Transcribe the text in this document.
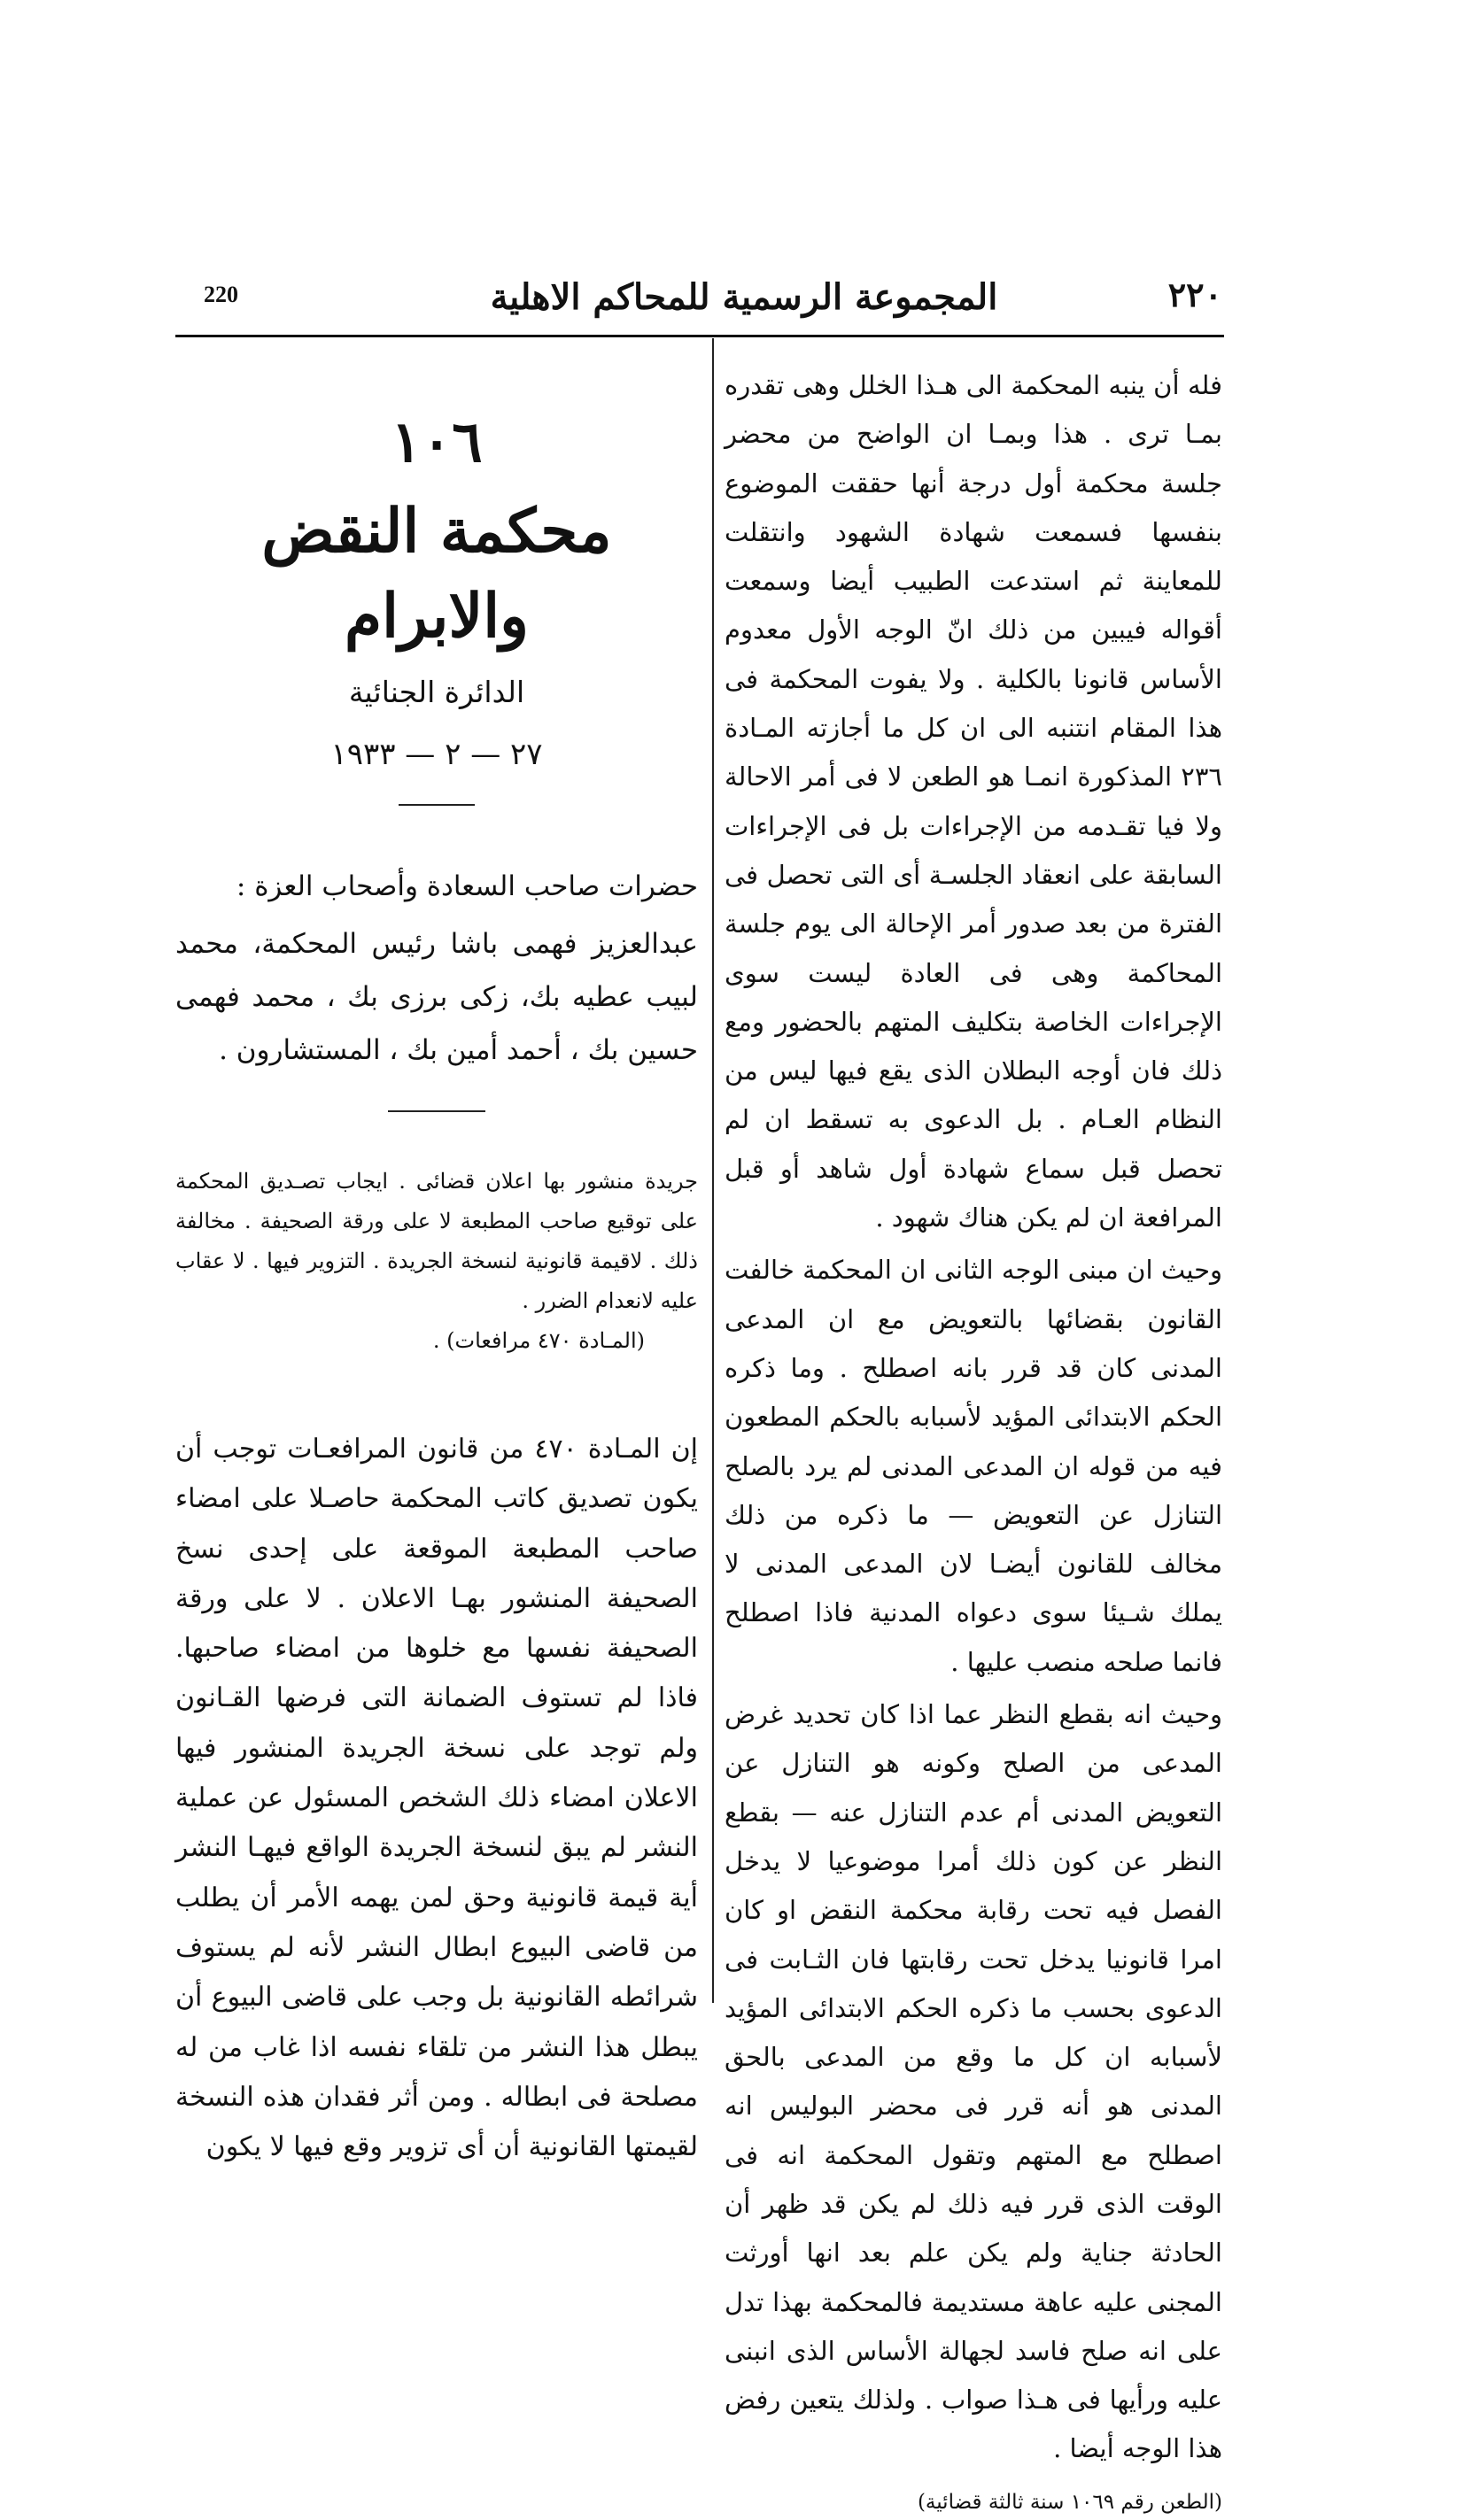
220	المجموعة الرسمية للمحاكم الاهلية	٢٢٠

فله أن ينبه المحكمة الى هـذا الخلل وهى تقدره بمـا ترى . هذا وبمـا ان الواضح من محضر جلسة محكمة أول درجة أنها حققت الموضوع بنفسها فسمعت شهادة الشهود وانتقلت للمعاينة ثم استدعت الطبيب أيضا وسمعت أقواله فيبين من ذلك انّ الوجه الأول معدوم الأساس قانونا بالكلية . ولا يفوت المحكمة فى هذا المقام انتنبه الى ان كل ما أجازته المـادة ٢٣٦ المذكورة انمـا هو الطعن لا فى أمر الاحالة ولا فيا تقـدمه من الإجراءات بل فى الإجراءات السابقة على انعقاد الجلسـة أى التى تحصل فى الفترة من بعد صدور أمر الإحالة الى يوم جلسة المحاكمة وهى فى العادة ليست سوى الإجراءات الخاصة بتكليف المتهم بالحضور ومع ذلك فان أوجه البطلان الذى يقع فيها ليس من النظام العـام . بل الدعوى به تسقط ان لم تحصل قبل سماع شهادة أول شاهد أو قبل المرافعة ان لم يكن هناك شهود .

وحيث ان مبنى الوجه الثانى ان المحكمة خالفت القانون بقضائها بالتعويض مع ان المدعى المدنى كان قد قرر بانه اصطلح . وما ذكره الحكم الابتدائى المؤيد لأسبابه بالحكم المطعون فيه من قوله ان المدعى المدنى لم يرد بالصلح التنازل عن التعويض — ما ذكره من ذلك مخالف للقانون أيضـا لان المدعى المدنى لا يملك شـيئا سوى دعواه المدنية فاذا اصطلح فانما صلحه منصب عليها .

وحيث انه بقطع النظر عما اذا كان تحديد غرض المدعى من الصلح وكونه هو التنازل عن التعويض المدنى أم عدم التنازل عنه — بقطع النظر عن كون ذلك أمرا موضوعيا لا يدخل الفصل فيه تحت رقابة محكمة النقض او كان امرا قانونيا يدخل تحت رقابتها فان الثـابت فى الدعوى بحسب ما ذكره الحكم الابتدائى المؤيد لأسبابه ان كل ما وقع من المدعى بالحق المدنى هو أنه قرر فى محضر البوليس انه اصطلح مع المتهم وتقول المحكمة انه فى الوقت الذى قرر فيه ذلك لم يكن قد ظهر أن الحادثة جناية ولم يكن علم بعد انها أورثت المجنى عليه عاهة مستديمة فالمحكمة بهذا تدل على انه صلح فاسد لجهالة الأساس الذى انبنى عليه ورأيها فى هـذا صواب . ولذلك يتعين رفض هذا الوجه أيضا .

(الطعن رقم ١٠٦٩ سنة ثالثة قضائية)
١٠٦
محكمة النقض والابرام
الدائرة الجنائية
٢٧ — ٢ — ١٩٣٣
حضرات صاحب السعادة وأصحاب العزة :
عبدالعزيز فهمى باشا رئيس المحكمة، محمد لبيب عطيه بك، زكى برزى بك ، محمد فهمى حسين بك ، أحمد أمين بك ، المستشارون .
جريدة منشور بها اعلان قضائى . ايجاب تصـديق المحكمة على توقيع صاحب المطبعة لا على ورقة الصحيفة . مخالفة ذلك . لاقيمة قانونية لنسخة الجريدة . التزوير فيها . لا عقاب عليه لانعدام الضرر .
(المـادة ٤٧٠ مرافعات) .
إن المـادة ٤٧٠ من قانون المرافعـات توجب أن يكون تصديق كاتب المحكمة حاصـلا على امضاء صاحب المطبعة الموقعة على إحدى نسخ الصحيفة المنشور بهـا الاعلان . لا على ورقة الصحيفة نفسها مع خلوها من امضاء صاحبها. فاذا لم تستوف الضمانة التى فرضها القـانون ولم توجد على نسخة الجريدة المنشور فيها الاعلان امضاء ذلك الشخص المسئول عن عملية النشر لم يبق لنسخة الجريدة الواقع فيهـا النشر أية قيمة قانونية وحق لمن يهمه الأمر أن يطلب من قاضى البيوع ابطال النشر لأنه لم يستوف شرائطه القانونية بل وجب على قاضى البيوع أن يبطل هذا النشر من تلقاء نفسه اذا غاب من له مصلحة فى ابطاله . ومن أثر فقدان هذه النسخة لقيمتها القانونية أن أى تزوير وقع فيها لا يكون
